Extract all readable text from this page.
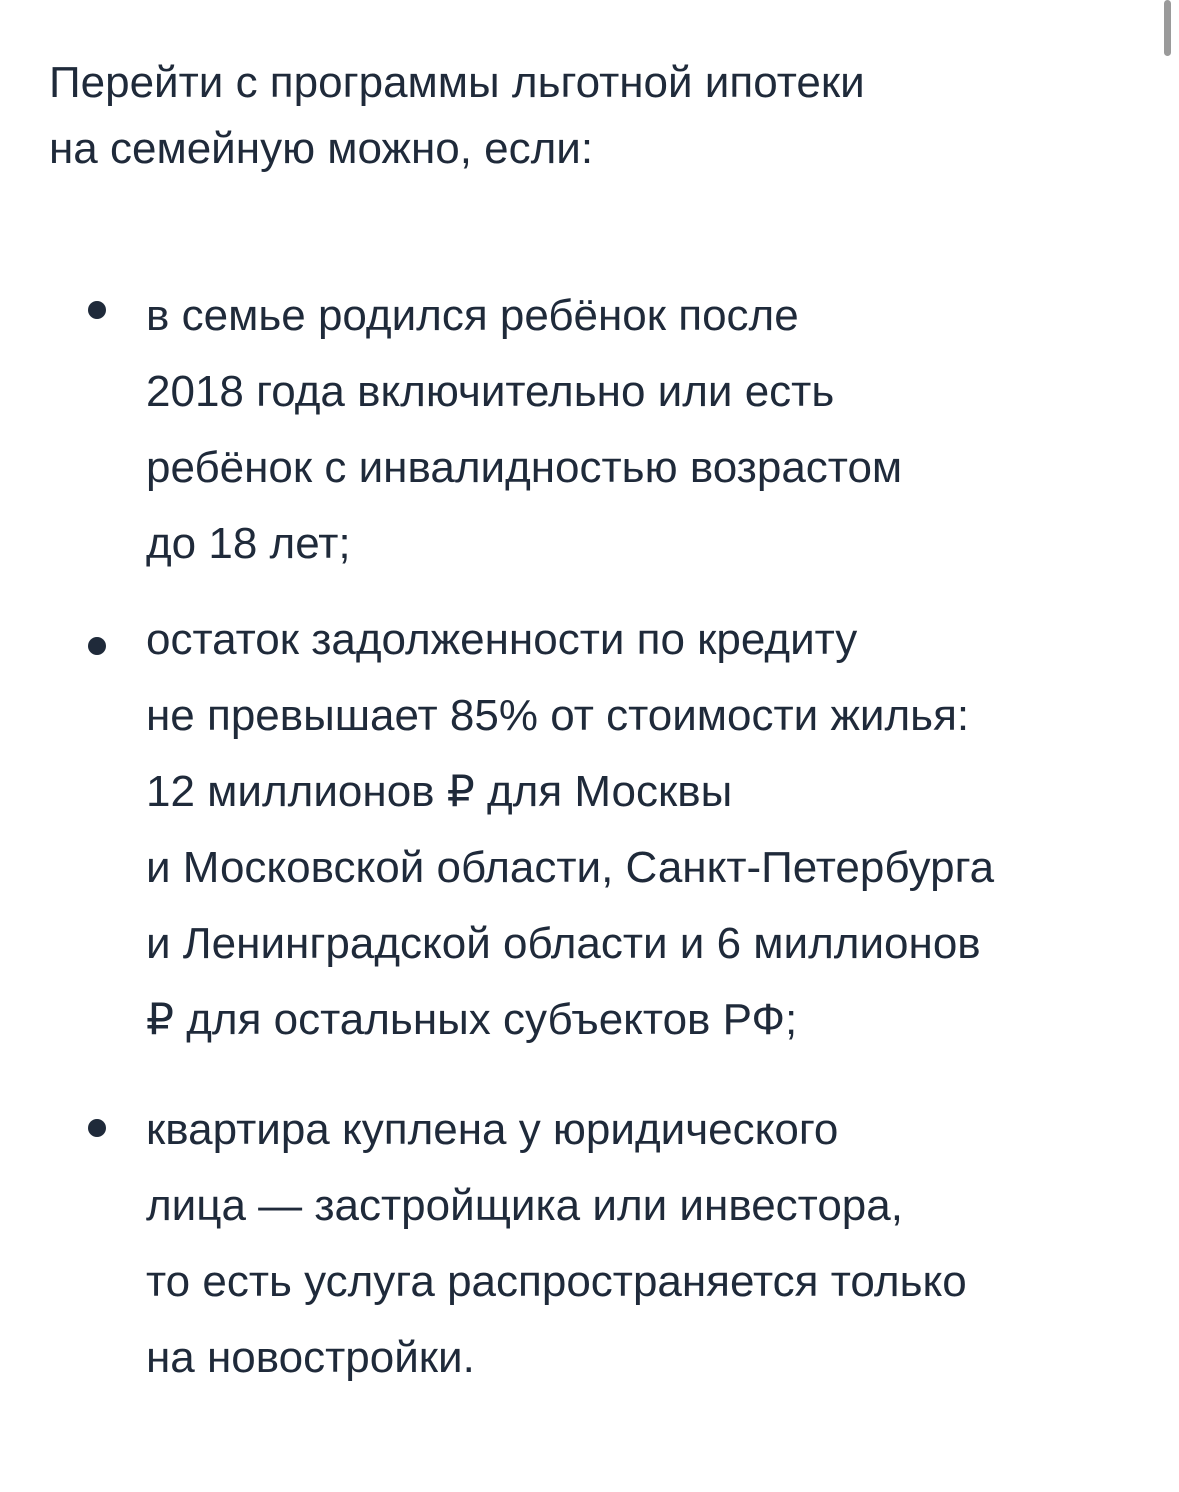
Перейти с программы льготной ипотеки
на семейную можно, если:

в семье родился ребёнок после
2018 года включительно или есть
ребёнок с инвалидностью возрастом
до 18 лет;
остаток задолженности по кредиту
не превышает 85% от стоимости жилья:
12 миллионов ₽ для Москвы
и Московской области, Санкт-Петербурга
и Ленинградской области и 6 миллионов
₽ для остальных субъектов РФ;
квартира куплена у юридического
лица — застройщика или инвестора,
то есть услуга распространяется только
на новостройки.
